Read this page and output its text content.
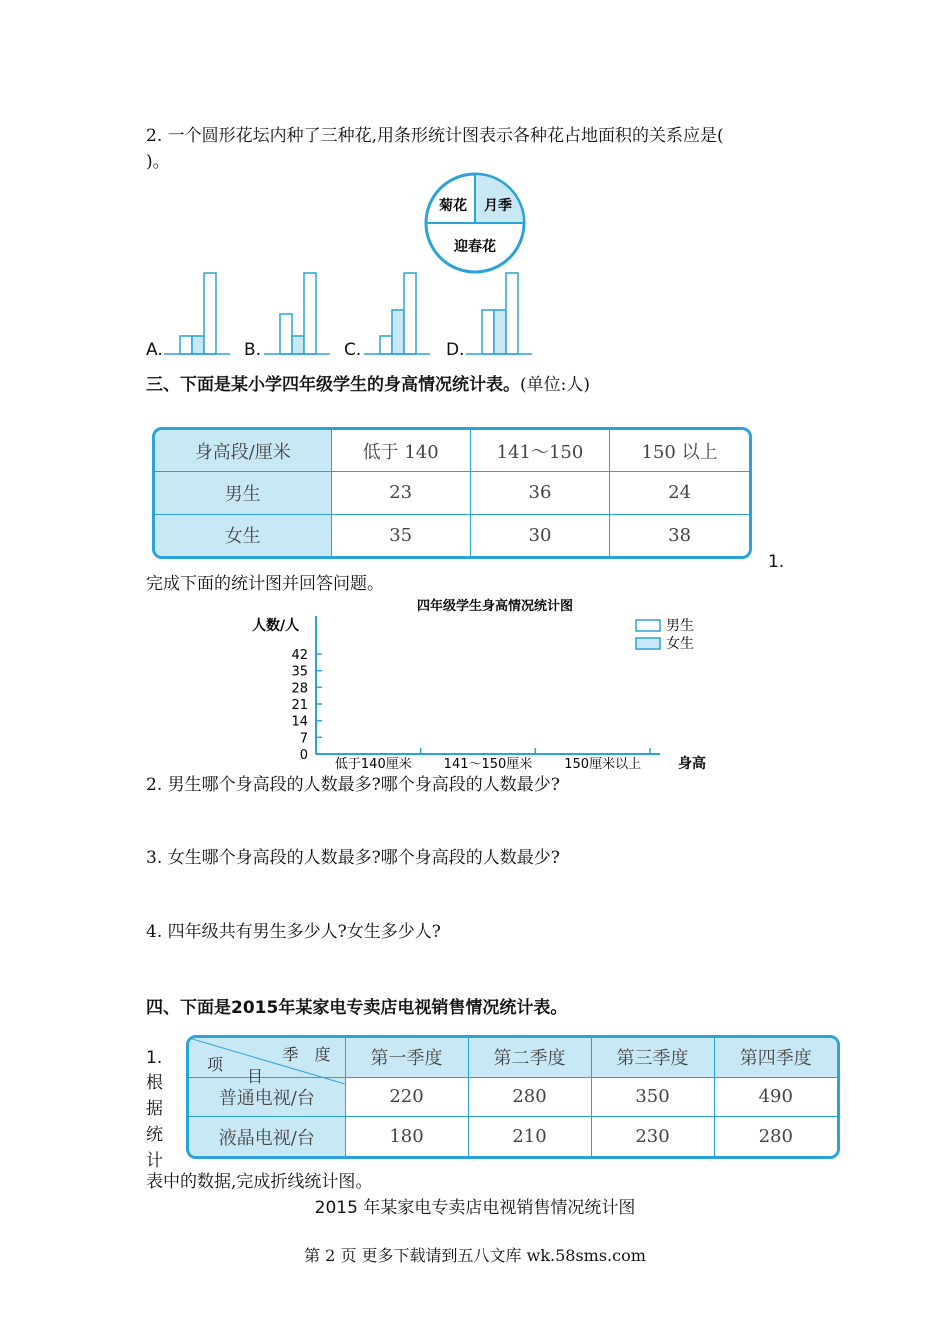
2. 一个圆形花坛内种了三种花,用条形统计图表示各种花占地面积的关系应是(
)。
菊花 月季
迎春花
A.	B.	C.	D.
三、下面是某小学四年级学生的身高情况统计表。(单位:人)
身高段/厘米	低于 140	141～150	150 以上
男生	23	36	24
女生	35	30	38
1.
完成下面的统计图并回答问题。
四年级学生身高情况统计图
人数/人
0
7
14
21
28
35
42
低于140厘米 141～150厘米 150厘米以上	身高
男生
女生
2. 男生哪个身高段的人数最多?哪个身高段的人数最少?
3. 女生哪个身高段的人数最多?哪个身高段的人数最少?
4. 四年级共有男生多少人?女生多少人?
四、下面是2015年某家电专卖店电视销售情况统计表。
1.
根
据
统
计
表中的数据,完成折线统计图。
季　度
项
目	第一季度	第二季度	第三季度	第四季度
普通电视/台	220	280	350	490
液晶电视/台	180	210	230	280
2015 年某家电专卖店电视销售情况统计图
第 2 页 更多下载请到五八文库 wk.58sms.com
